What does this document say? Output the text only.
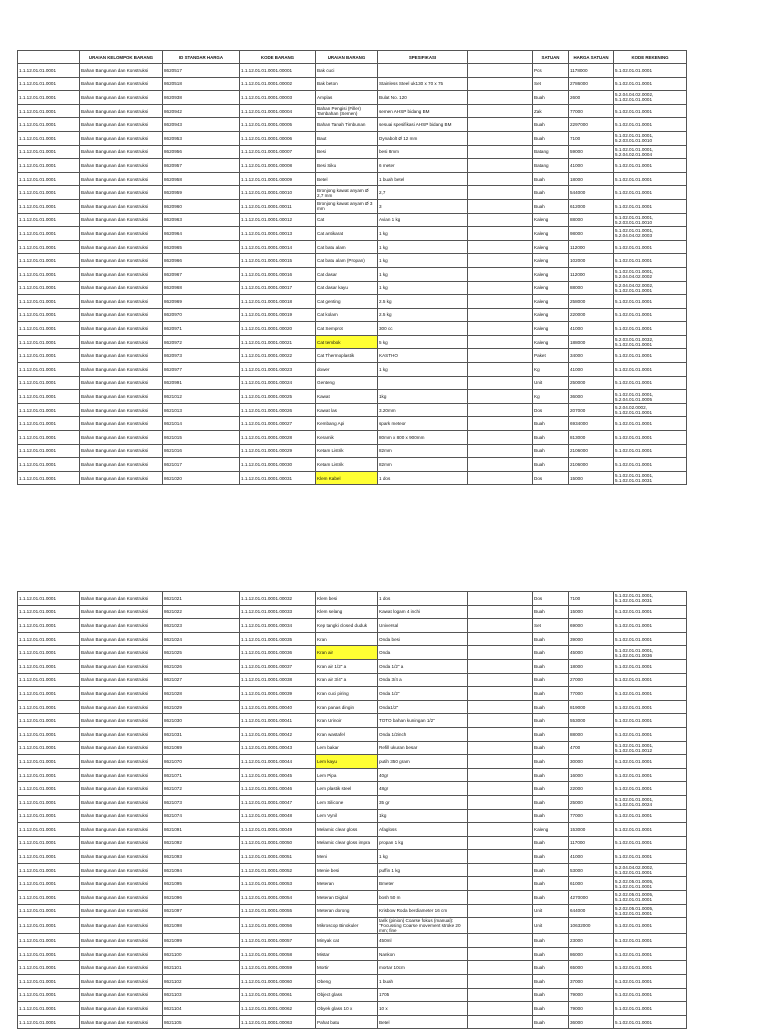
	URAIAN KELOMPOK BARANG	ID STANDAR HARGA	KODE BARANG	URAIAN BARANG	SPESIFIKASI		SATUAN	HARGA SATUAN	KODE REKENING
1.1.12.01.01.0001	Bahan Bangunan dan Konstruksi	8620517	1.1.12.01.01.0001.00001	Bak cuci			Pcs	1178000	5.1.02.01.01.0001
1.1.12.01.01.0001	Bahan Bangunan dan Konstruksi	8620518	1.1.12.01.01.0001.00002	Bak beton	Stainless Steel uk130 x 70 x 75		Set	2786000	5.1.02.01.01.0001
1.1.12.01.01.0001	Bahan Bangunan dan Konstruksi	8620938	1.1.12.01.01.0001.00003	Amplas	Bulat No. 120		Buah	2600	5.2.04.04.02.0002, 5.1.02.01.01.0001
1.1.12.01.01.0001	Bahan Bangunan dan Konstruksi	8620942	1.1.12.01.01.0001.00004	Bahan Pengisi (Filler) Tambahan (Semen)	semen AHSP bidang BM		Zak	77000	5.1.02.01.01.0001
1.1.12.01.01.0001	Bahan Bangunan dan Konstruksi	8620943	1.1.12.01.01.0001.00005	Bahan Tanah Timbunan	sesuai spesifikasi AHSP bidang BM		Buah	2297000	5.1.02.01.01.0001
1.1.12.01.01.0001	Bahan Bangunan dan Konstruksi	8620953	1.1.12.01.01.0001.00006	Baut	Dynabolt Ø 12 mm		Buah	7100	5.1.02.01.01.0001, 5.2.03.01.01.0010
1.1.12.01.01.0001	Bahan Bangunan dan Konstruksi	8620956	1.1.12.01.01.0001.00007	Besi	besi 8mm		Batang	59000	5.1.02.01.01.0001, 5.2.04.02.01.0004
1.1.12.01.01.0001	Bahan Bangunan dan Konstruksi	8620957	1.1.12.01.01.0001.00008	Besi Siku	6 meter		Batang	41000	5.1.02.01.01.0001
1.1.12.01.01.0001	Bahan Bangunan dan Konstruksi	8620958	1.1.12.01.01.0001.00009	Betel	1 buah betel		Buah	18000	5.1.02.01.01.0001
1.1.12.01.01.0001	Bahan Bangunan dan Konstruksi	8620959	1.1.12.01.01.0001.00010	Bronjong kawat anyam Ø 2,7 mm	2,7		Buah	544000	5.1.02.01.01.0001
1.1.12.01.01.0001	Bahan Bangunan dan Konstruksi	8620960	1.1.12.01.01.0001.00011	Bronjong kawat anyam Ø 3 mm	3		Buah	612000	5.1.02.01.01.0001
1.1.12.01.01.0001	Bahan Bangunan dan Konstruksi	8620963	1.1.12.01.01.0001.00012	Cat	Avian 1 kg		Kaleng	88000	5.1.02.01.01.0001, 5.2.03.01.01.0010
1.1.12.01.01.0001	Bahan Bangunan dan Konstruksi	8620964	1.1.12.01.01.0001.00013	Cat antikarat	1 kg		Kaleng	98000	5.1.02.01.01.0001, 5.2.04.04.02.0003
1.1.12.01.01.0001	Bahan Bangunan dan Konstruksi	8620965	1.1.12.01.01.0001.00014	Cat batu alam	1 kg		Kaleng	112000	5.1.02.01.01.0001
1.1.12.01.01.0001	Bahan Bangunan dan Konstruksi	8620966	1.1.12.01.01.0001.00015	Cat batu alam (Propan)	1 kg		Kaleng	102000	5.1.02.01.01.0001
1.1.12.01.01.0001	Bahan Bangunan dan Konstruksi	8620967	1.1.12.01.01.0001.00016	Cat dasar	1 kg		Kaleng	112000	5.1.02.01.01.0001, 5.2.04.04.02.0002
1.1.12.01.01.0001	Bahan Bangunan dan Konstruksi	8620968	1.1.12.01.01.0001.00017	Cat dasar kayu	1 kg		Kaleng	88000	5.2.04.04.02.0002, 5.1.02.01.01.0001
1.1.12.01.01.0001	Bahan Bangunan dan Konstruksi	8620969	1.1.12.01.01.0001.00018	Cat genting	2.5 kg		Kaleng	258000	5.1.02.01.01.0001
1.1.12.01.01.0001	Bahan Bangunan dan Konstruksi	8620970	1.1.12.01.01.0001.00019	Cat kolam	2.5 kg		Kaleng	220000	5.1.02.01.01.0001
1.1.12.01.01.0001	Bahan Bangunan dan Konstruksi	8620971	1.1.12.01.01.0001.00020	Cat Semprot	300 cc		Kaleng	41000	5.1.02.01.01.0001
1.1.12.01.01.0001	Bahan Bangunan dan Konstruksi	8620972	1.1.12.01.01.0001.00021	Cat tembok	5 kg		Kaleng	188000	5.2.03.01.01.0032, 5.1.02.01.01.0001
1.1.12.01.01.0001	Bahan Bangunan dan Konstruksi	8620973	1.1.12.01.01.0001.00022	Cat Thermoplastik	KASTHO		Paket	34000	5.1.02.01.01.0001
1.1.12.01.01.0001	Bahan Bangunan dan Konstruksi	8620977	1.1.12.01.01.0001.00023	dower	1 kg		Kg	41000	5.1.02.01.01.0001
1.1.12.01.01.0001	Bahan Bangunan dan Konstruksi	8620991	1.1.12.01.01.0001.00024	Genteng			Unit	250000	5.1.02.01.01.0001
1.1.12.01.01.0001	Bahan Bangunan dan Konstruksi	8621012	1.1.12.01.01.0001.00025	Kawat	1kg		Kg	36000	5.1.02.01.01.0001, 5.2.04.01.01.0005
1.1.12.01.01.0001	Bahan Bangunan dan Konstruksi	8621013	1.1.12.01.01.0001.00026	Kawat las	3.20mm		Dos	207000	5.2.04.02.0002, 5.1.02.01.01.0001
1.1.12.01.01.0001	Bahan Bangunan dan Konstruksi	8621014	1.1.12.01.01.0001.00027	Kembang Api	spark meteor		Buah	6934000	5.1.02.01.01.0001
1.1.12.01.01.0001	Bahan Bangunan dan Konstruksi	8621015	1.1.12.01.01.0001.00028	Keramik	80mm x 800 x 900mm		Buah	813000	5.1.02.01.01.0001
1.1.12.01.01.0001	Bahan Bangunan dan Konstruksi	8621016	1.1.12.01.01.0001.00029	Ketam Listrik	82mm		Buah	2106000	5.1.02.01.01.0001
1.1.12.01.01.0001	Bahan Bangunan dan Konstruksi	8621017	1.1.12.01.01.0001.00030	Ketam Listrik	82mm		Buah	2106000	5.1.02.01.01.0001
1.1.12.01.01.0001	Bahan Bangunan dan Konstruksi	8621020	1.1.12.01.01.0001.00031	Klem Kabel	1 dos		Dos	15000	5.1.02.01.01.0001, 5.1.02.01.01.0031
1.1.12.01.01.0001	Bahan Bangunan dan Konstruksi	8621021	1.1.12.01.01.0001.00032	Klem besi	1 dos		Dos	7100	5.1.02.01.01.0001, 5.1.02.01.01.0031
1.1.12.01.01.0001	Bahan Bangunan dan Konstruksi	8621022	1.1.12.01.01.0001.00033	Klem selang	Kawat logam 4 inchi		Buah	15000	5.1.02.01.01.0001
1.1.12.01.01.0001	Bahan Bangunan dan Konstruksi	8621023	1.1.12.01.01.0001.00034	Kep tangki closed duduk	Universal		Set	69000	5.1.02.01.01.0001
1.1.12.01.01.0001	Bahan Bangunan dan Konstruksi	8621024	1.1.12.01.01.0001.00035	Kran	Onda besi		Buah	39000	5.1.02.01.01.0001
1.1.12.01.01.0001	Bahan Bangunan dan Konstruksi	8621025	1.1.12.01.01.0001.00036	Kran air	Onda		Buah	45000	5.1.02.01.01.0001, 5.1.02.01.01.0036
1.1.12.01.01.0001	Bahan Bangunan dan Konstruksi	8621026	1.1.12.01.01.0001.00037	Kran air 1/2" a	Onda 1/2" a		Buah	18000	5.1.02.01.01.0001
1.1.12.01.01.0001	Bahan Bangunan dan Konstruksi	8621027	1.1.12.01.01.0001.00038	Kran air 3/4" a	Onda 3/4 a		Buah	27000	5.1.02.01.01.0001
1.1.12.01.01.0001	Bahan Bangunan dan Konstruksi	8621028	1.1.12.01.01.0001.00039	Kran cuci piring	Onda 1/2"		Buah	77000	5.1.02.01.01.0001
1.1.12.01.01.0001	Bahan Bangunan dan Konstruksi	8621029	1.1.12.01.01.0001.00040	Kran panas dingin	Onda1/2"		Buah	819000	5.1.02.01.01.0001
1.1.12.01.01.0001	Bahan Bangunan dan Konstruksi	8621030	1.1.12.01.01.0001.00041	Kran Urinoir	TOTO bahan kuningan 1/2"		Buah	553000	5.1.02.01.01.0001
1.1.12.01.01.0001	Bahan Bangunan dan Konstruksi	8621031	1.1.12.01.01.0001.00042	Kran wastafel	Onda 1/2inch		Buah	88000	5.1.02.01.01.0001
1.1.12.01.01.0001	Bahan Bangunan dan Konstruksi	8621069	1.1.12.01.01.0001.00043	Lem bakar	Refill ukuran besar		Buah	4700	5.1.02.01.01.0001, 5.1.02.01.01.0012
1.1.12.01.01.0001	Bahan Bangunan dan Konstruksi	8621070	1.1.12.01.01.0001.00044	Lem kayu	putih 350 gram		Buah	30000	5.1.02.01.01.0001
1.1.12.01.01.0001	Bahan Bangunan dan Konstruksi	8621071	1.1.12.01.01.0001.00045	Lem Pipa	40gr		Buah	16000	5.1.02.01.01.0001
1.1.12.01.01.0001	Bahan Bangunan dan Konstruksi	8621072	1.1.12.01.01.0001.00046	Lem plastik steel	48gr		Buah	22000	5.1.02.01.01.0001
1.1.12.01.01.0001	Bahan Bangunan dan Konstruksi	8621073	1.1.12.01.01.0001.00047	Lem Silicone	35 gr		Buah	25000	5.1.02.01.01.0001, 5.1.02.01.01.0024
1.1.12.01.01.0001	Bahan Bangunan dan Konstruksi	8621074	1.1.12.01.01.0001.00048	Lem Vynil	1kg		Buah	77000	5.1.02.01.01.0001
1.1.12.01.01.0001	Bahan Bangunan dan Konstruksi	8621091	1.1.12.01.01.0001.00049	Melamic clear gloss	Afagloss		Kaleng	153000	5.1.02.01.01.0001
1.1.12.01.01.0001	Bahan Bangunan dan Konstruksi	8621092	1.1.12.01.01.0001.00050	Melamic clear gloss impra	propan 1 kg		Buah	117000	5.1.02.01.01.0001
1.1.12.01.01.0001	Bahan Bangunan dan Konstruksi	8621093	1.1.12.01.01.0001.00051	Meni	1 kg		Buah	41000	5.1.02.01.01.0001
1.1.12.01.01.0001	Bahan Bangunan dan Konstruksi	8621094	1.1.12.01.01.0001.00052	Menie besi	puffin 1 kg		Buah	53000	5.2.04.04.02.0002, 5.1.02.01.01.0001
1.1.12.01.01.0001	Bahan Bangunan dan Konstruksi	8621095	1.1.12.01.01.0001.00053	Meteran	Bmeter		Buah	61000	5.2.02.05.01.0005, 5.1.02.01.01.0001
1.1.12.01.01.0001	Bahan Bangunan dan Konstruksi	8621096	1.1.12.01.01.0001.00054	Meteran Digital	bosh 50 m		Buah	4270000	5.2.02.05.01.0005, 5.1.02.01.01.0001
1.1.12.01.01.0001	Bahan Bangunan dan Konstruksi	8621097	1.1.12.01.01.0001.00055	Meteran dorong	Krisbow Roda berdiameter 16 cm		Unit	644000	5.2.02.05.01.0005, 5.1.02.01.01.0001
1.1.12.01.01.0001	Bahan Bangunan dan Konstruksi	8621098	1.1.12.01.01.0001.00056	Mikroscop Binokuler	tarik (pinion) Coarse fokus (manual): "Focussing Coarse movement stroke 20 mm; fine		Unit	10632000	5.1.02.01.01.0001
1.1.12.01.01.0001	Bahan Bangunan dan Konstruksi	8621099	1.1.12.01.01.0001.00057	Minyak cat	450ml		Buah	23000	5.1.02.01.01.0001
1.1.12.01.01.0001	Bahan Bangunan dan Konstruksi	8621100	1.1.12.01.01.0001.00058	Mistar	Nankon		Buah	86000	5.1.02.01.01.0001
1.1.12.01.01.0001	Bahan Bangunan dan Konstruksi	8621101	1.1.12.01.01.0001.00059	Mortir	mortar 10cm		Buah	65000	5.1.02.01.01.0001
1.1.12.01.01.0001	Bahan Bangunan dan Konstruksi	8621102	1.1.12.01.01.0001.00060	Obeng	1 buah		Buah	37000	5.1.02.01.01.0001
1.1.12.01.01.0001	Bahan Bangunan dan Konstruksi	8621103	1.1.12.01.01.0001.00061	Object glass	1705		Buah	79000	5.1.02.01.01.0001
1.1.12.01.01.0001	Bahan Bangunan dan Konstruksi	8621104	1.1.12.01.01.0001.00062	Obyek glass 10 x	10 x		Buah	79000	5.1.02.01.01.0001
1.1.12.01.01.0001	Bahan Bangunan dan Konstruksi	8621105	1.1.12.01.01.0001.00063	Pahat batu	Betel		Buah	36000	5.1.02.01.01.0001
